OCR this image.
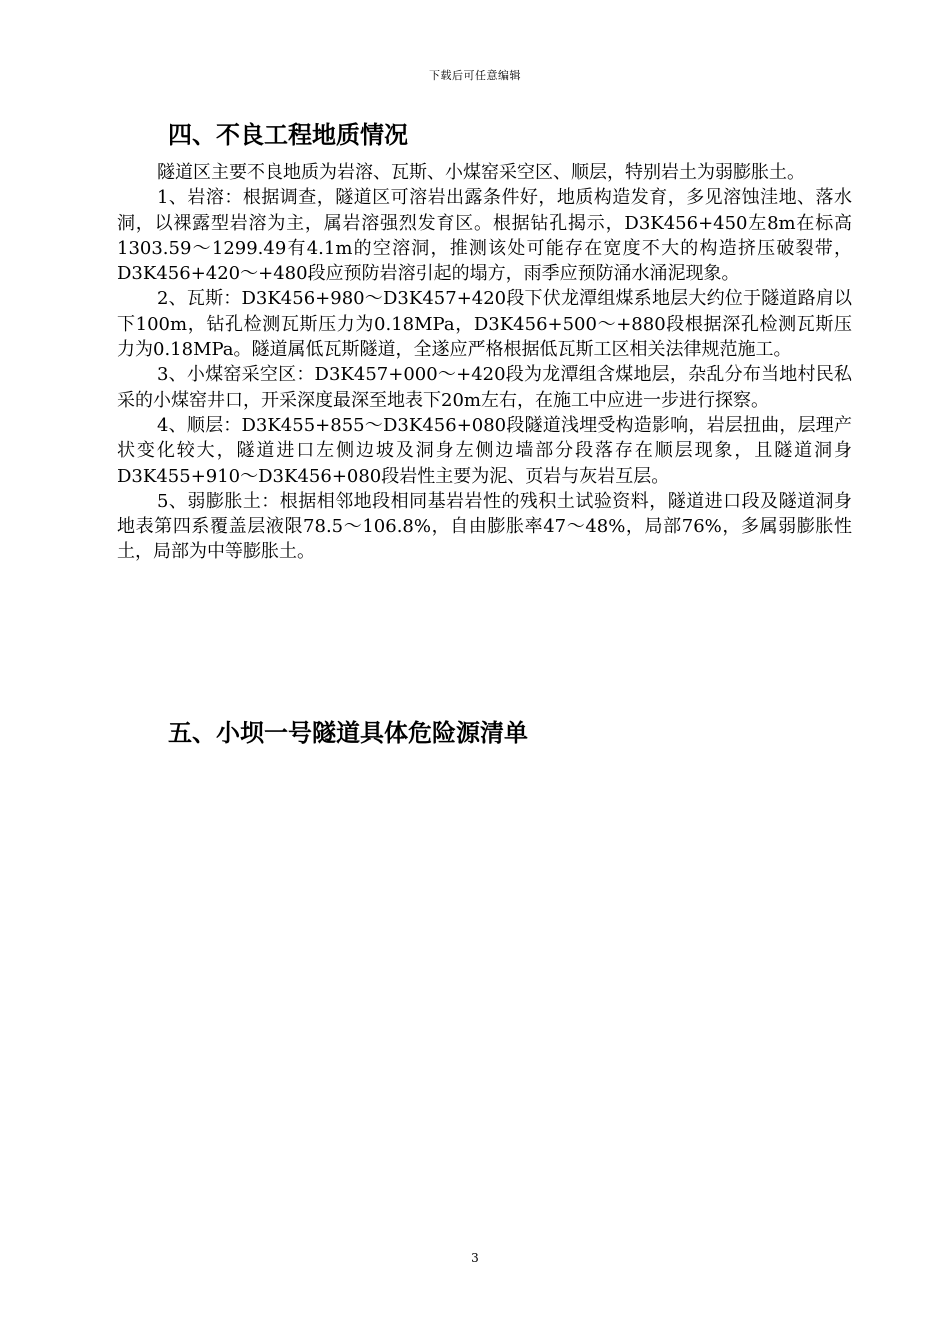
下载后可任意编辑
四、不良工程地质情况

隧道区主要不良地质为岩溶、瓦斯、小煤窑采空区、顺层，特别岩土为弱膨胀土。

1、岩溶：根据调查，隧道区可溶岩出露条件好，地质构造发育，多见溶蚀洼地、落水洞，以裸露型岩溶为主，属岩溶强烈发育区。根据钻孔揭示，D3K456+450左8m在标高1303.59～1299.49有4.1m的空溶洞，推测该处可能存在宽度不大的构造挤压破裂带，D3K456+420～+480段应预防岩溶引起的塌方，雨季应预防涌水涌泥现象。

2、瓦斯：D3K456+980～D3K457+420段下伏龙潭组煤系地层大约位于隧道路肩以下100m，钻孔检测瓦斯压力为0.18MPa，D3K456+500～+880段根据深孔检测瓦斯压力为0.18MPa。隧道属低瓦斯隧道，全遂应严格根据低瓦斯工区相关法律规范施工。

3、小煤窑采空区：D3K457+000～+420段为龙潭组含煤地层，杂乱分布当地村民私采的小煤窑井口，开采深度最深至地表下20m左右，在施工中应进一步进行探察。

4、顺层：D3K455+855～D3K456+080段隧道浅埋受构造影响，岩层扭曲，层理产状变化较大，隧道进口左侧边坡及洞身左侧边墙部分段落存在顺层现象，且隧道洞身D3K455+910～D3K456+080段岩性主要为泥、页岩与灰岩互层。

5、弱膨胀土：根据相邻地段相同基岩岩性的残积土试验资料，隧道进口段及隧道洞身地表第四系覆盖层液限78.5～106.8%，自由膨胀率47～48%，局部76%，多属弱膨胀性土，局部为中等膨胀土。

五、小坝一号隧道具体危险源清单
3
